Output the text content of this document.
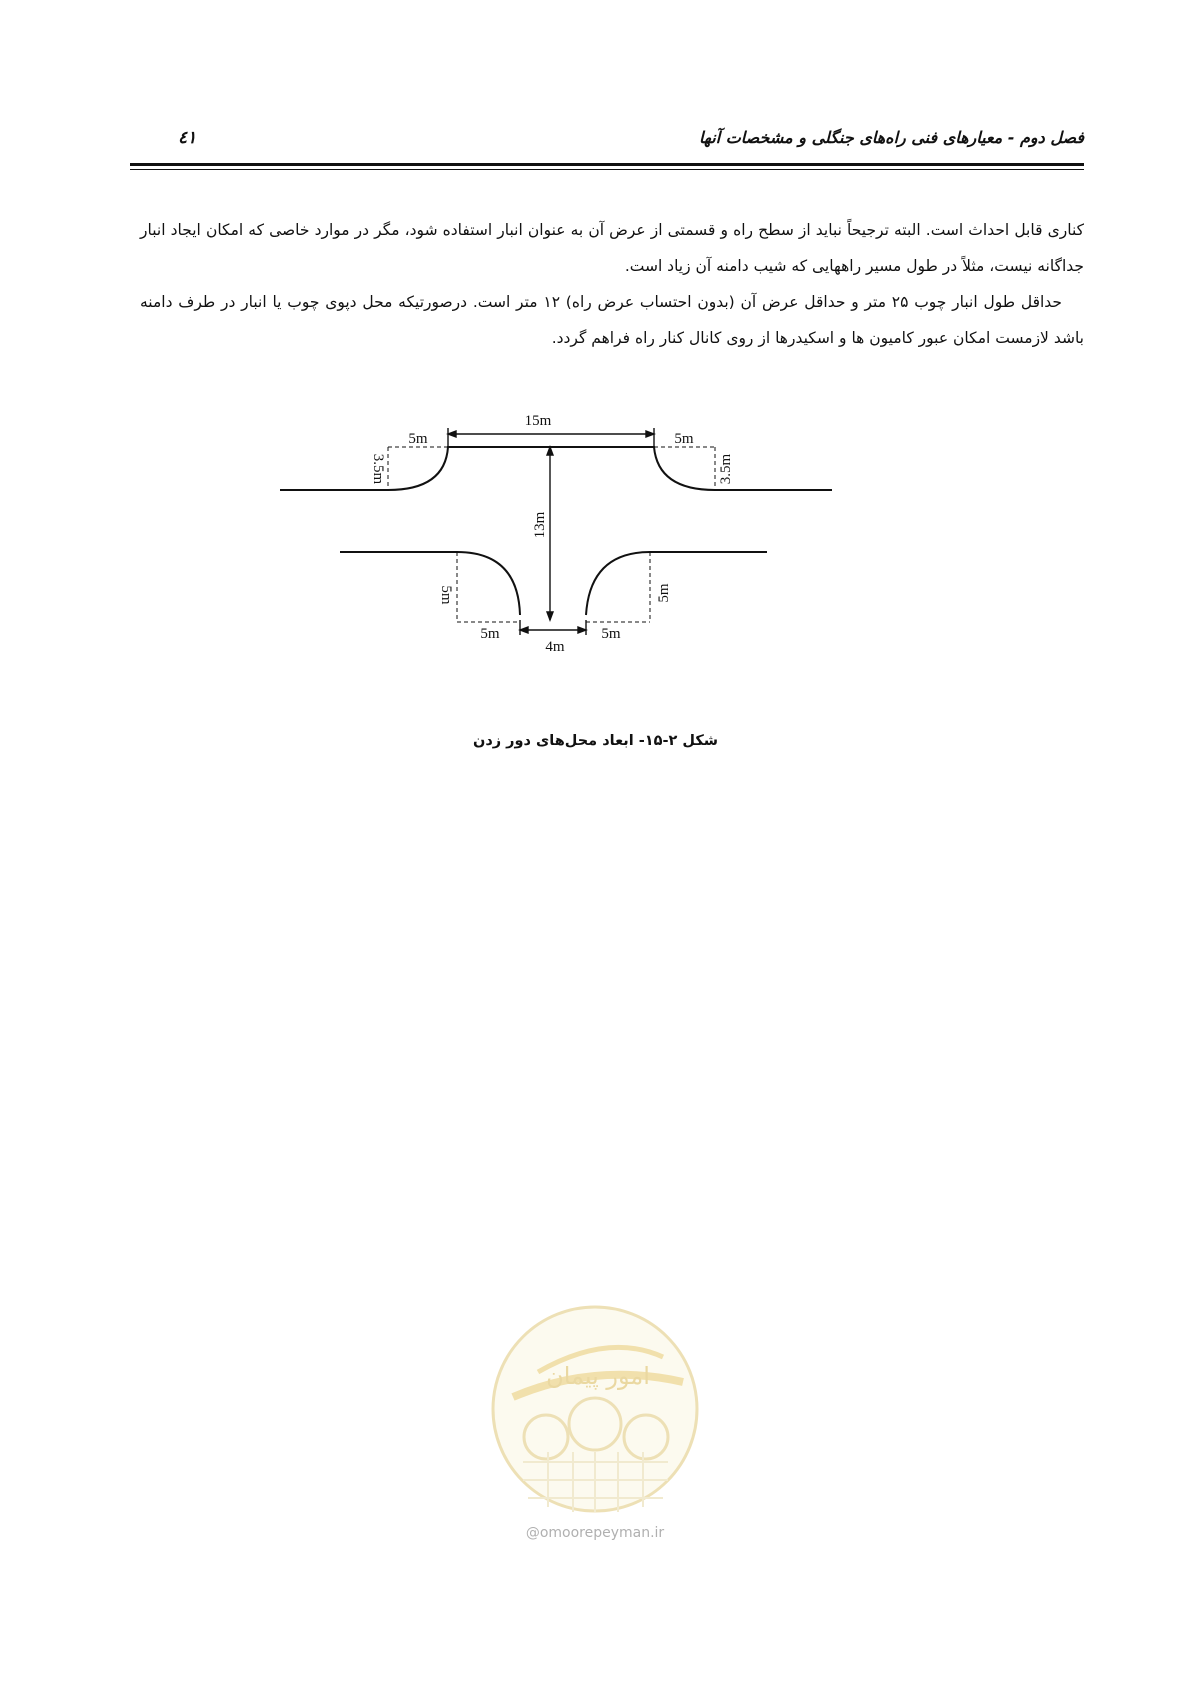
فصل دوم - معیارهای فنی راه‌های جنگلی و مشخصات آنها
٤١

کناری قابل احداث است. البته ترجیحاً نباید از سطح راه و قسمتی از عرض آن به عنوان انبار استفاده شود، مگر در موارد خاصی که امکان ایجاد انبار جداگانه نیست، مثلاً در طول مسیر راههایی که شیب دامنه آن زیاد است.

حداقل طول انبار چوب ۲۵ متر و حداقل عرض آن (بدون احتساب عرض راه) ۱۲ متر است. درصورتیکه محل دپوی چوب یا انبار در طرف دامنه باشد لازمست امکان عبور کامیون ها و اسکیدرها از روی کانال کنار راه فراهم گردد.

15m
5m	5m
3.5m	3.5m
13m
5m	5m
5m	5m
4m
شکل ۲-۱۵- ابعاد محل‌های دور زدن
امور پیمان
@omoorepeyman.ir
